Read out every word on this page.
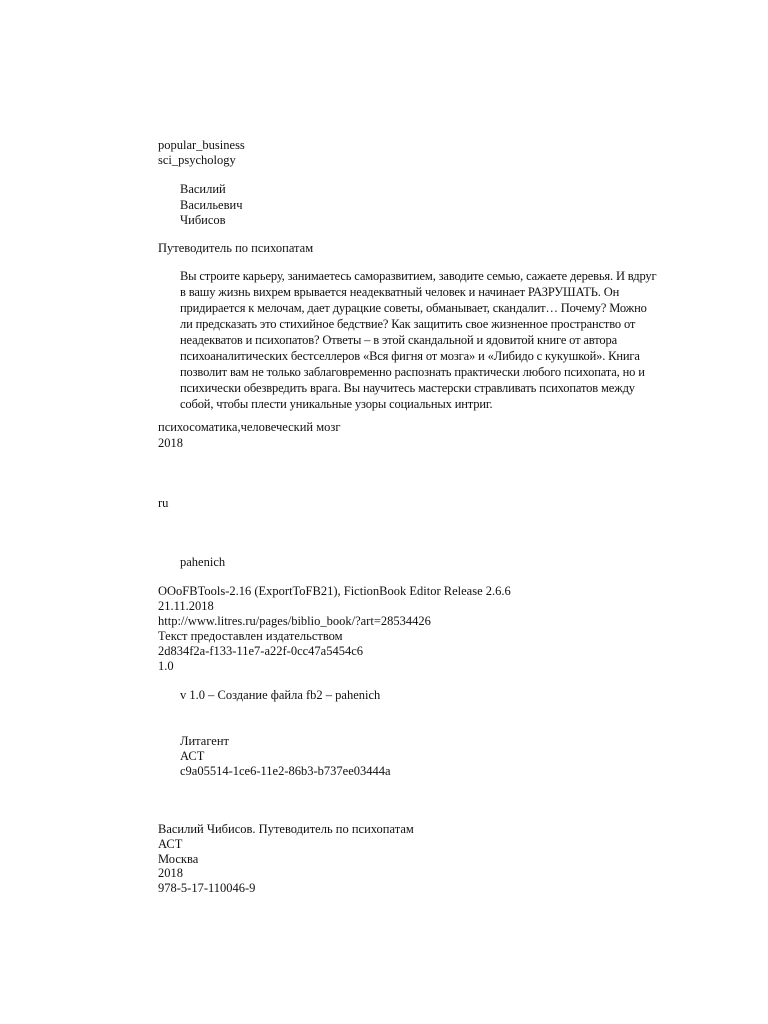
popular_business
sci_psychology
Василий
Васильевич
Чибисов
Путеводитель по психопатам
Вы строите карьеру, занимаетесь саморазвитием, заводите семью, сажаете деревья. И вдруг
в вашу жизнь вихрем врывается неадекватный человек и начинает РАЗРУШАТЬ. Он
придирается к мелочам, дает дурацкие советы, обманывает, скандалит… Почему? Можно
ли предсказать это стихийное бедствие? Как защитить свое жизненное пространство от
неадекватов и психопатов? Ответы – в этой скандальной и ядовитой книге от автора
психоаналитических бестселлеров «Вся фигня от мозга» и «Либидо с кукушкой». Книга
позволит вам не только заблаговременно распознать практически любого психопата, но и
психически обезвредить врага. Вы научитесь мастерски стравливать психопатов между
собой, чтобы плести уникальные узоры социальных интриг.
психосоматика,человеческий мозг
2018
ru
pahenich
OOoFBTools-2.16 (ExportToFB21), FictionBook Editor Release 2.6.6
21.11.2018
http://www.litres.ru/pages/biblio_book/?art=28534426
Текст предоставлен издательством
2d834f2a-f133-11e7-a22f-0cc47a5454c6
1.0
v 1.0 – Создание файла fb2 – pahenich
Литагент
АСТ
c9a05514-1ce6-11e2-86b3-b737ee03444a
Василий Чибисов. Путеводитель по психопатам
АСТ
Москва
2018
978-5-17-110046-9
